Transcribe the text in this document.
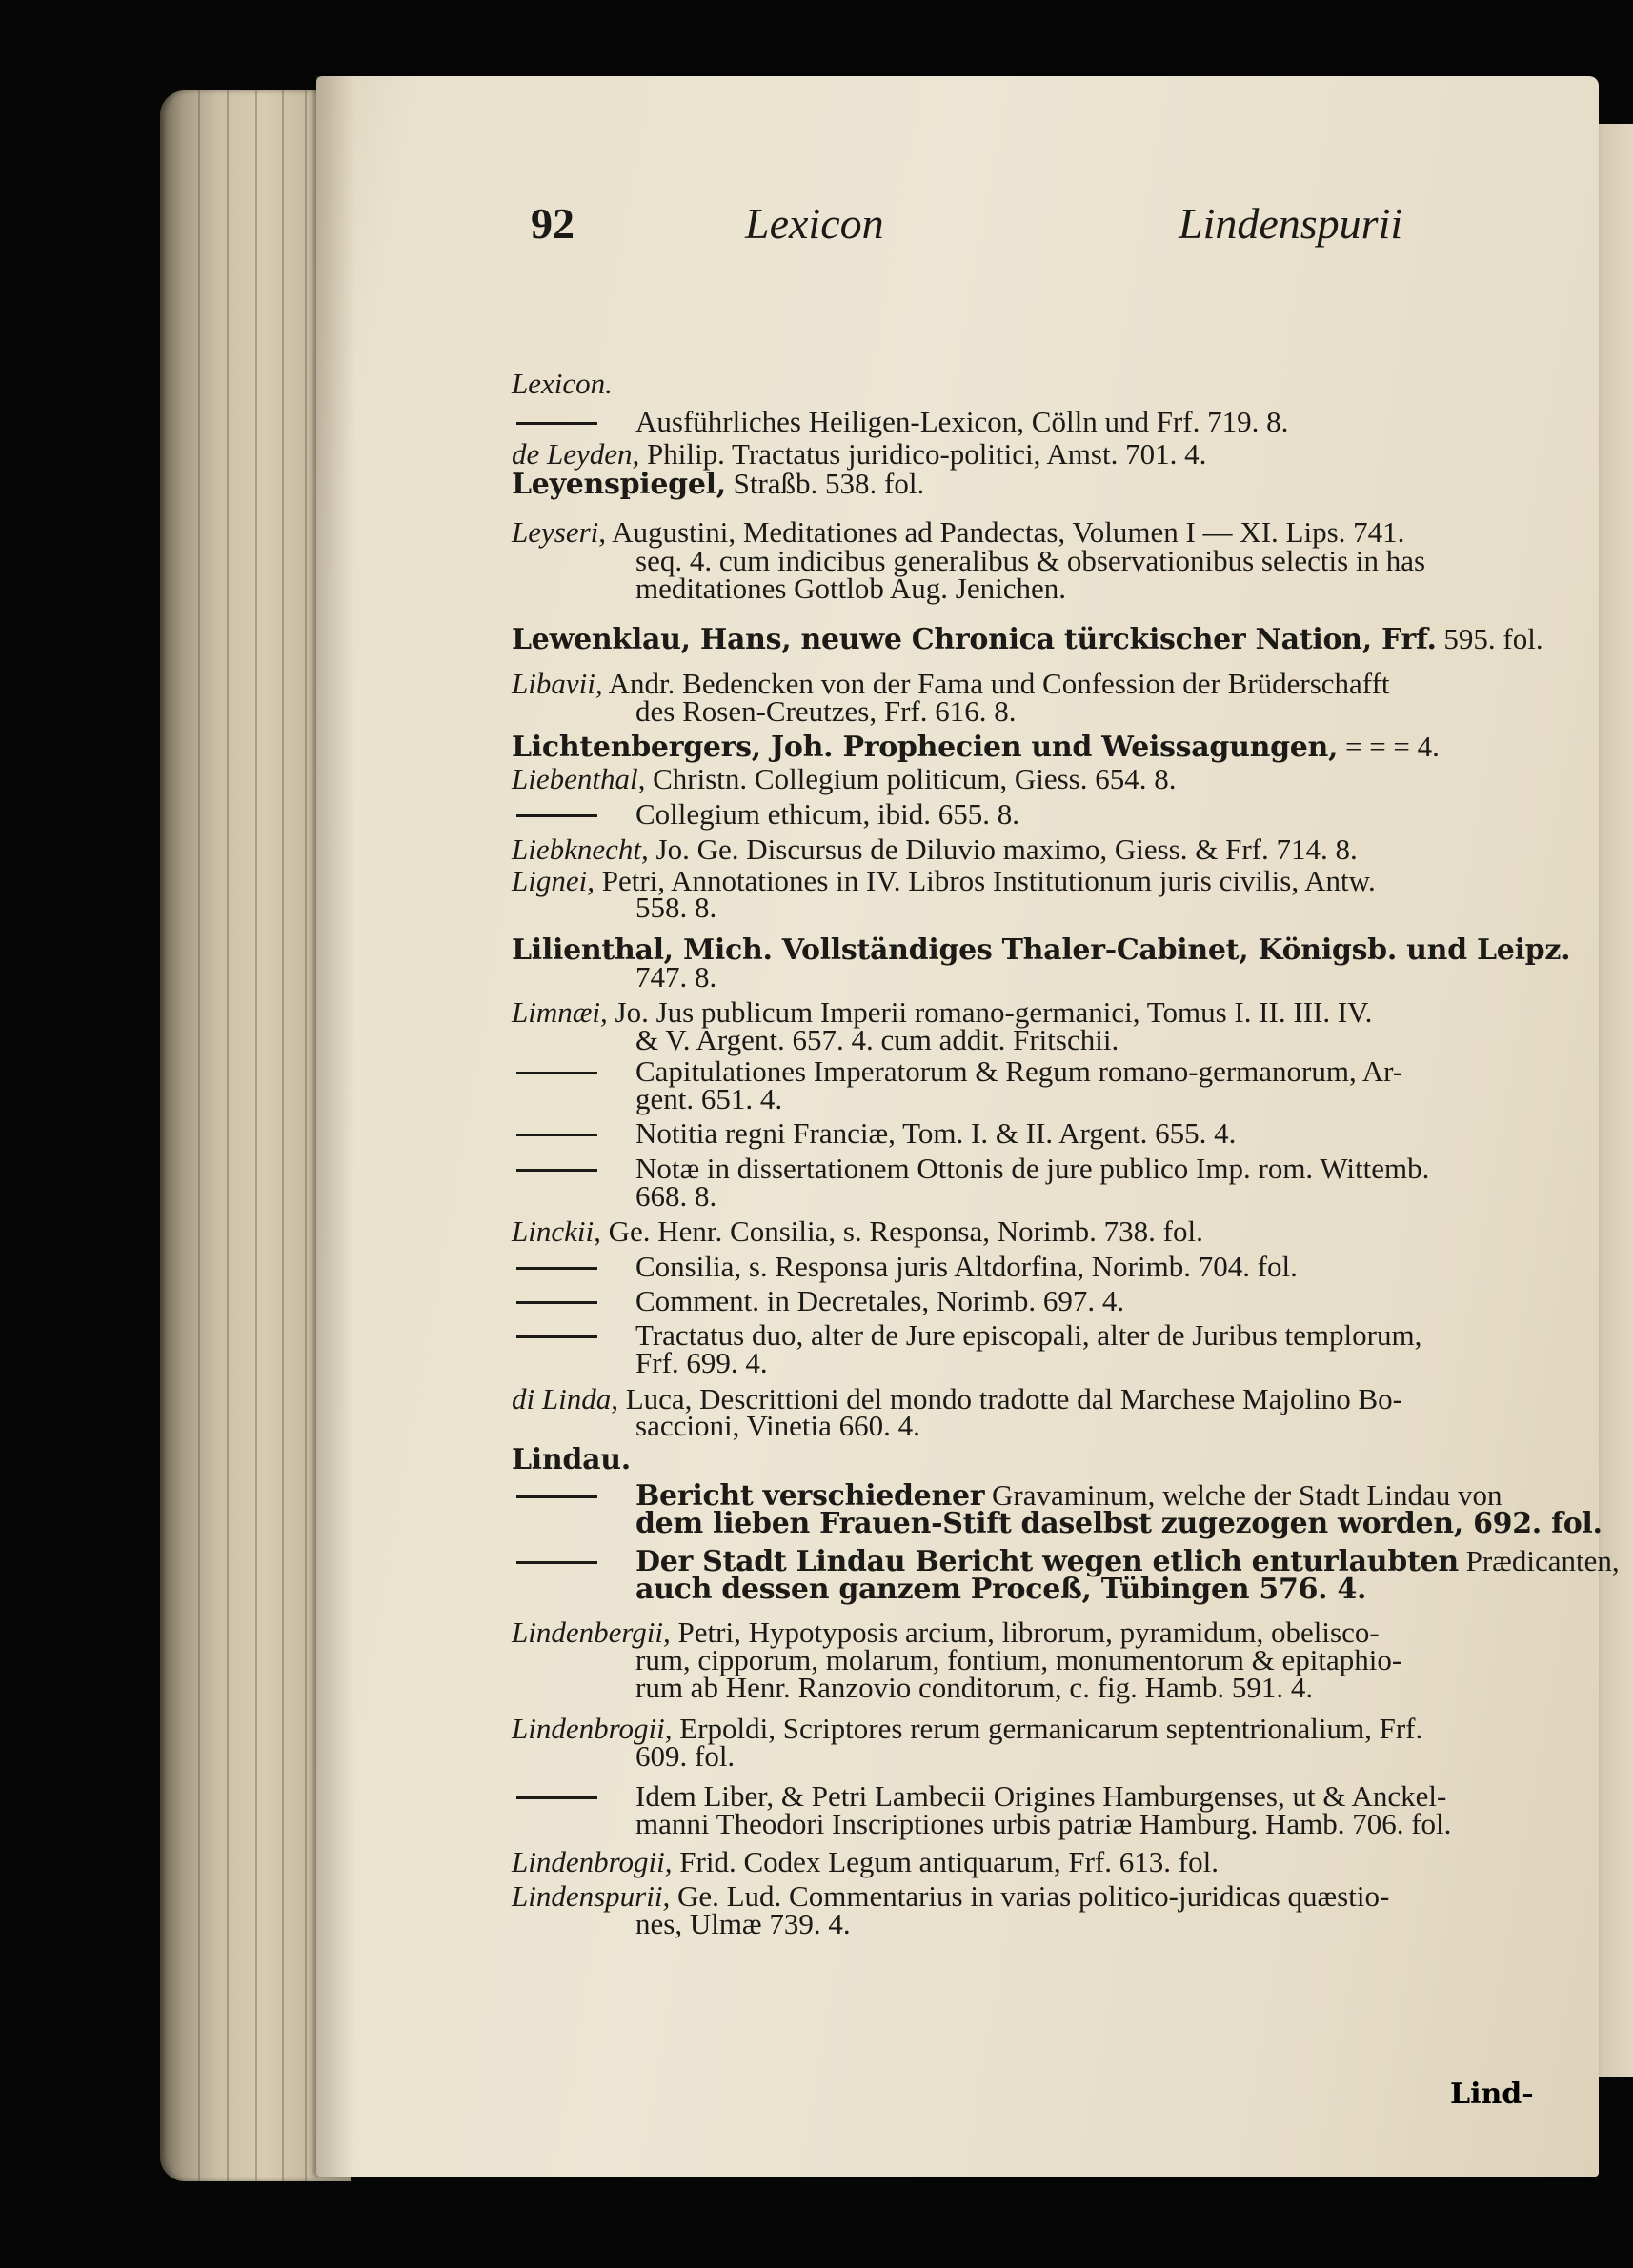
92	Lexicon	Lindenspurii
Lexicon.
Ausführliches Heiligen-Lexicon, Cölln und Frf. 719. 8.
de Leyden, Philip. Tractatus juridico-politici, Amst. 701. 4.
Leyenspiegel, Straßb. 538. fol.
Leyseri, Augustini, Meditationes ad Pandectas, Volumen I — XI. Lips. 741.
seq. 4. cum indicibus generalibus & observationibus selectis in has
meditationes Gottlob Aug. Jenichen.
Lewenklau, Hans, neuwe Chronica türckischer Nation, Frf. 595. fol.
Libavii, Andr. Bedencken von der Fama und Confession der Brüderschafft
des Rosen-Creutzes, Frf. 616. 8.
Lichtenbergers, Joh. Prophecien und Weissagungen, = = = 4.
Liebenthal, Christn. Collegium politicum, Giess. 654. 8.
Collegium ethicum, ibid. 655. 8.
Liebknecht, Jo. Ge. Discursus de Diluvio maximo, Giess. & Frf. 714. 8.
Lignei, Petri, Annotationes in IV. Libros Institutionum juris civilis, Antw.
558. 8.
Lilienthal, Mich. Vollständiges Thaler-Cabinet, Königsb. und Leipz.
747. 8.
Limnæi, Jo. Jus publicum Imperii romano-germanici, Tomus I. II. III. IV.
& V. Argent. 657. 4. cum addit. Fritschii.
Capitulationes Imperatorum & Regum romano-germanorum, Ar-
gent. 651. 4.
Notitia regni Franciæ, Tom. I. & II. Argent. 655. 4.
Notæ in dissertationem Ottonis de jure publico Imp. rom. Wittemb.
668. 8.
Linckii, Ge. Henr. Consilia, s. Responsa, Norimb. 738. fol.
Consilia, s. Responsa juris Altdorfina, Norimb. 704. fol.
Comment. in Decretales, Norimb. 697. 4.
Tractatus duo, alter de Jure episcopali, alter de Juribus templorum,
Frf. 699. 4.
di Linda, Luca, Descrittioni del mondo tradotte dal Marchese Majolino Bo-
saccioni, Vinetia 660. 4.
Lindau.
Bericht verschiedener Gravaminum, welche der Stadt Lindau von
dem lieben Frauen-Stift daselbst zugezogen worden, 692. fol.
Der Stadt Lindau Bericht wegen etlich enturlaubten Prædicanten,
auch dessen ganzem Proceß, Tübingen 576. 4.
Lindenbergii, Petri, Hypotyposis arcium, librorum, pyramidum, obelisco-
rum, cipporum, molarum, fontium, monumentorum & epitaphio-
rum ab Henr. Ranzovio conditorum, c. fig. Hamb. 591. 4.
Lindenbrogii, Erpoldi, Scriptores rerum germanicarum septentrionalium, Frf.
609. fol.
Idem Liber, & Petri Lambecii Origines Hamburgenses, ut & Anckel-
manni Theodori Inscriptiones urbis patriæ Hamburg. Hamb. 706. fol.
Lindenbrogii, Frid. Codex Legum antiquarum, Frf. 613. fol.
Lindenspurii, Ge. Lud. Commentarius in varias politico-juridicas quæstio-
nes, Ulmæ 739. 4.
Lind-
